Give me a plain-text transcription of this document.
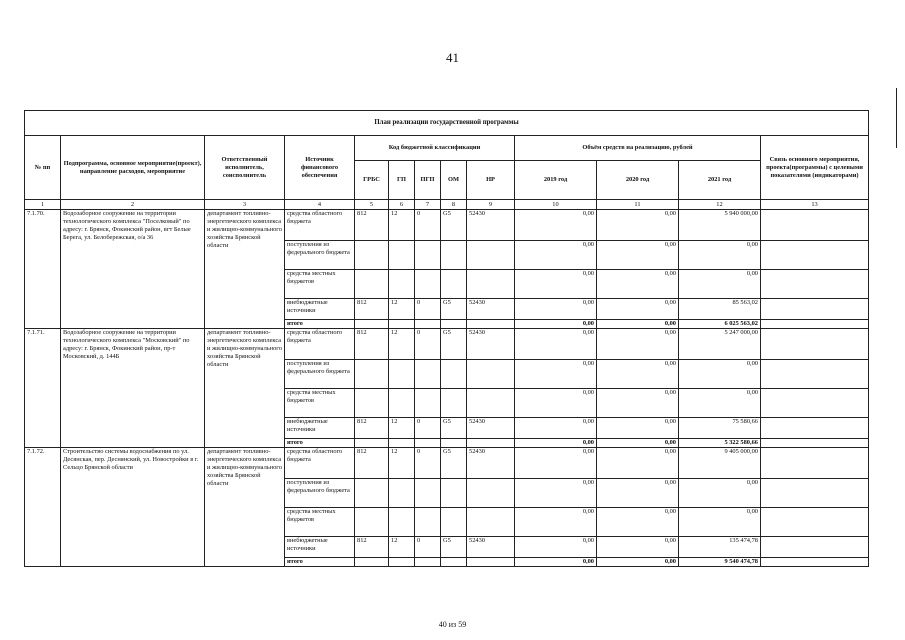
41
План реализации государственной программы												
№ пп	Подпрограмма, основное мероприятие(проект), направление расходов, мероприятие	Ответственный исполнитель, соисполнитель	Источник финансового обеспечения	Код бюджетной классификации					Объём средств на реализацию, рублей			Связь основного мероприятия, проекта(программы) с целевыми показателями (индикаторами)
				ГРБС	ГП	ПГП	ОМ	НР	2019 год	2020 год	2021 год	
1	2	3	4	5	6	7	8	9	10	11	12	13
7.1.70.	Водозаборное сооружение на территории технологического комплекса "Поселковый" по адресу: г. Брянск, Фокинский район, вгт Белые Берега, ул. Белобережская, о/а 36	департамент топливно-энергетического комплекса и жилищно-коммунального хозяйства Брянской области	средства областного бюджета	812	12	0	G5	52430	0,00	0,00	5 940 000,00	
			поступления из федерального бюджета						0,00	0,00	0,00	
			средства местных бюджетов						0,00	0,00	0,00	
			внебюджетные источники	812	12	0	G5	52430	0,00	0,00	85 563,02	
			итого						0,00	0,00	6 025 563,02	
7.1.71.	Водозаборное сооружение на территории технологического комплекса "Московский" по адресу: г. Брянск, Фокинский район, пр-т Московский, д. 144Б	департамент топливно-энергетического комплекса и жилищно-коммунального хозяйства Брянской области	средства областного бюджета	812	12	0	G5	52430	0,00	0,00	5 247 000,00	
			поступления из федерального бюджета						0,00	0,00	0,00	
			средства местных бюджетов						0,00	0,00	0,00	
			внебюджетные источники	812	12	0	G5	52430	0,00	0,00	75 580,66	
			итого						0,00	0,00	5 322 580,66	
7.1.72.	Строительство системы водоснабжения по ул. Десянская, пер. Деснянский, ул. Новостройки в г. Сельцо Брянской области	департамент топливно-энергетического комплекса и жилищно-коммунального хозяйства Брянской области	средства областного бюджета	812	12	0	G5	52430	0,00	0,00	9 405 000,00	
			поступления из федерального бюджета						0,00	0,00	0,00	
			средства местных бюджетов						0,00	0,00	0,00	
			внебюджетные источники	812	12	0	G5	52430	0,00	0,00	135 474,78	
			итого						0,00	0,00	9 540 474,78	
40 из 59
